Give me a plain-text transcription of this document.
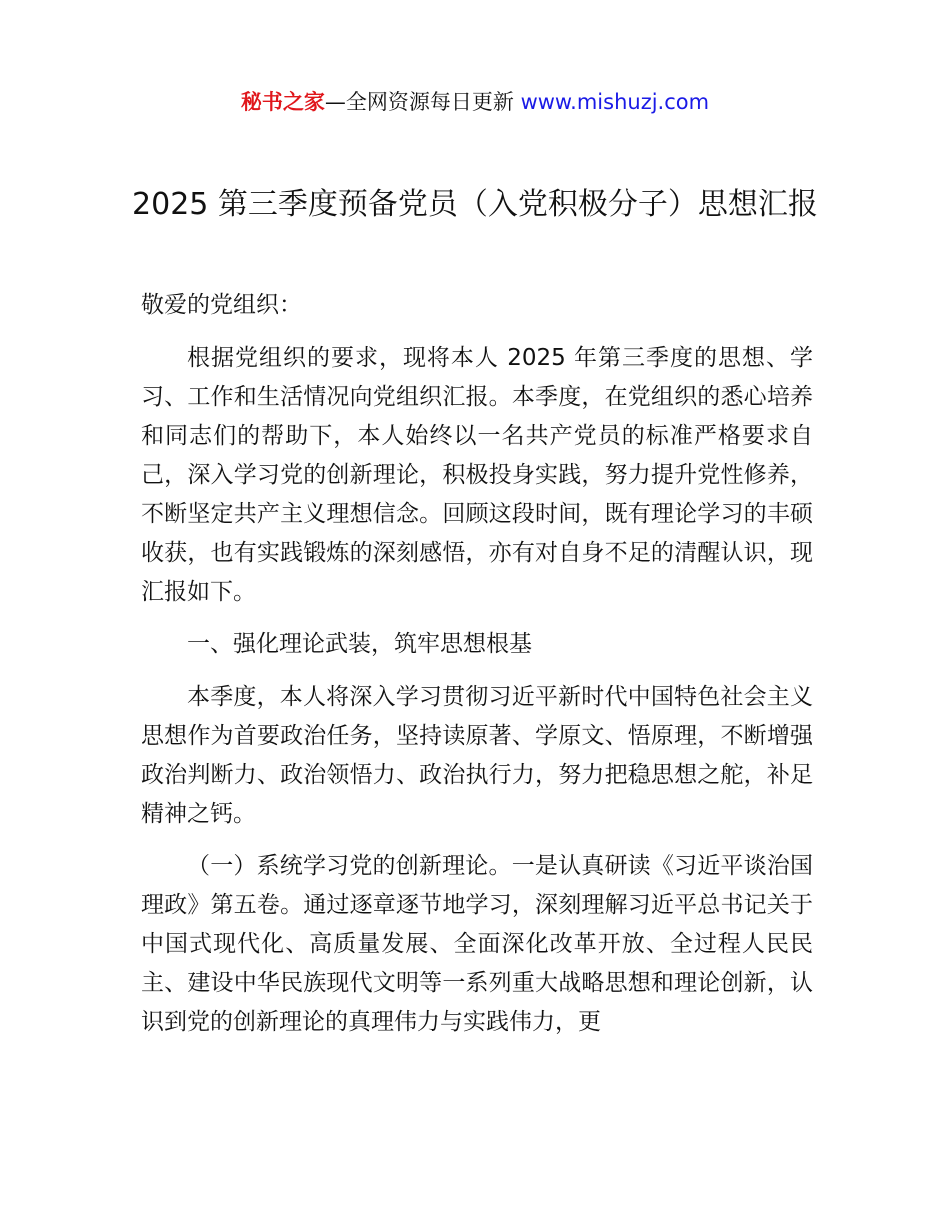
秘书之家—全网资源每日更新 www.mishuzj.com
2025 第三季度预备党员（入党积极分子）思想汇报

敬爱的党组织：

根据党组织的要求，现将本人 2025 年第三季度的思想、学习、工作和生活情况向党组织汇报。本季度，在党组织的悉心培养和同志们的帮助下，本人始终以一名共产党员的标准严格要求自己，深入学习党的创新理论，积极投身实践，努力提升党性修养，不断坚定共产主义理想信念。回顾这段时间，既有理论学习的丰硕收获，也有实践锻炼的深刻感悟，亦有对自身不足的清醒认识，现汇报如下。

一、强化理论武装，筑牢思想根基

本季度，本人将深入学习贯彻习近平新时代中国特色社会主义思想作为首要政治任务，坚持读原著、学原文、悟原理，不断增强政治判断力、政治领悟力、政治执行力，努力把稳思想之舵，补足精神之钙。

（一）系统学习党的创新理论。一是认真研读《习近平谈治国理政》第五卷。通过逐章逐节地学习，深刻理解习近平总书记关于中国式现代化、高质量发展、全面深化改革开放、全过程人民民主、建设中华民族现代文明等一系列重大战略思想和理论创新，认识到党的创新理论的真理伟力与实践伟力，更
